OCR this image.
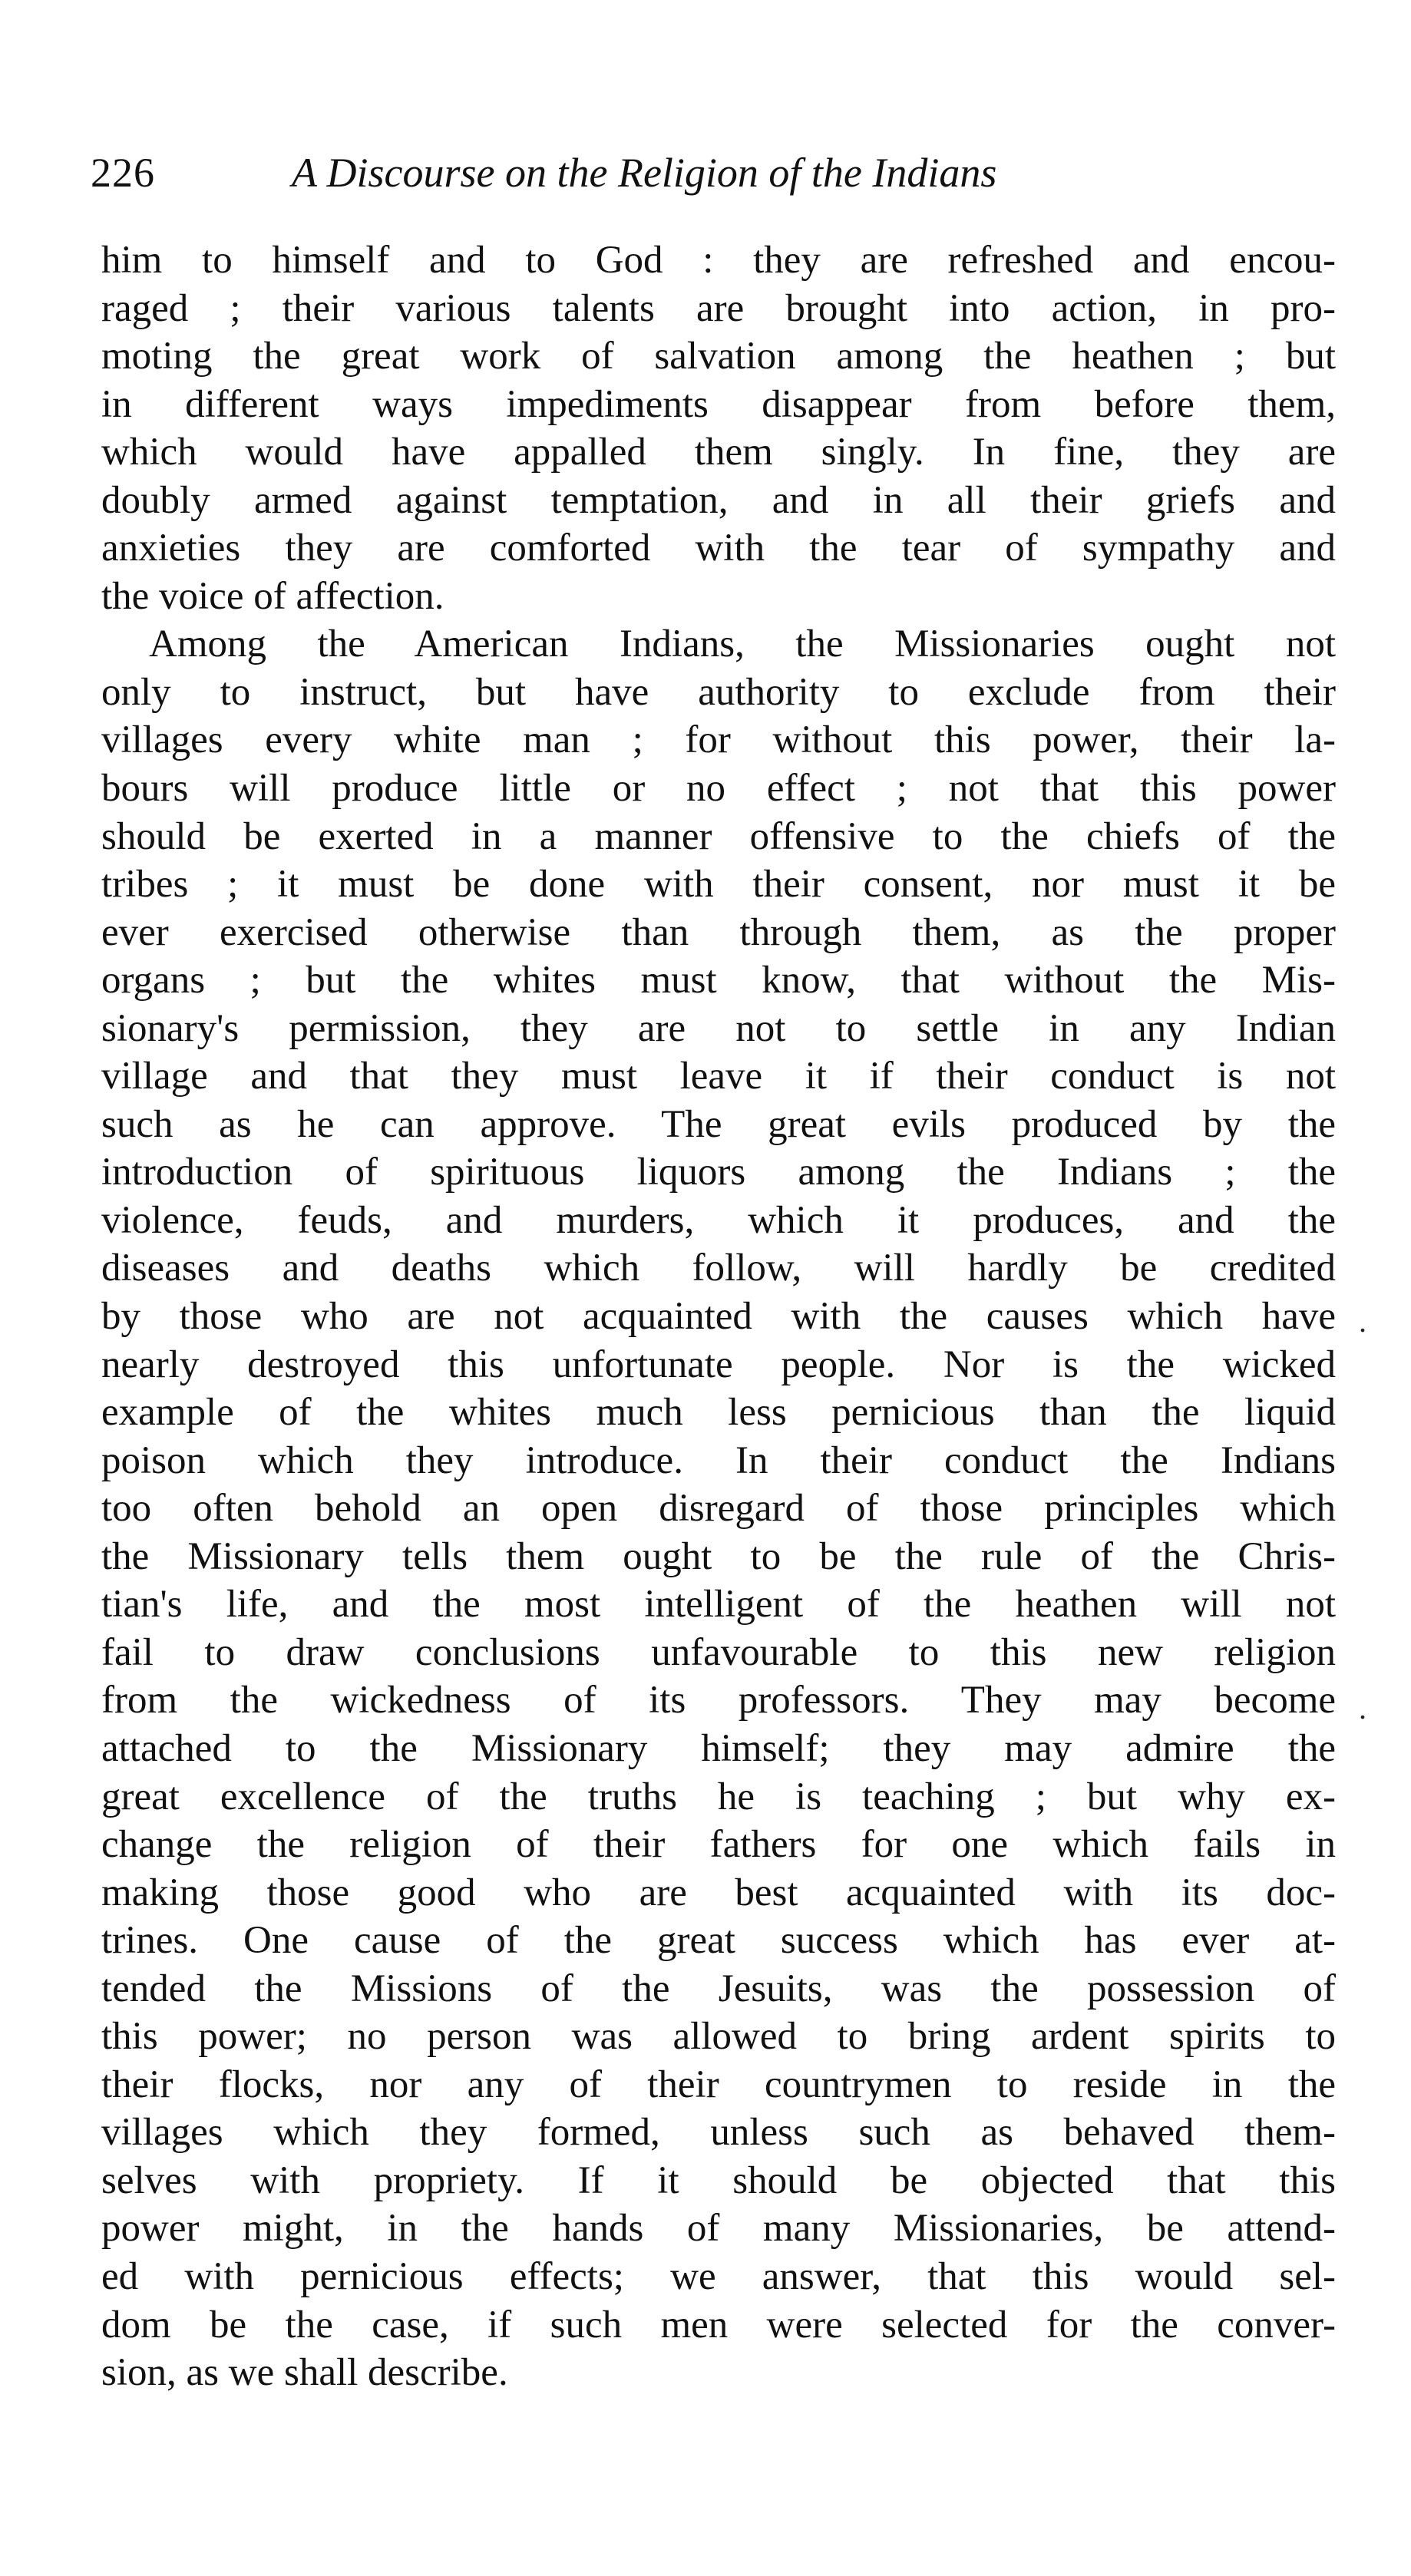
226	A Discourse on the Religion of the Indians
him to himself and to God : they are refreshed and encou-
raged ; their various talents are brought into action, in pro-
moting the great work of salvation among the heathen ; but
in different ways impediments disappear from before them,
which would have appalled them singly. In fine, they are
doubly armed against temptation, and in all their griefs and
anxieties they are comforted with the tear of sympathy and
the voice of affection.
Among the American Indians, the Missionaries ought not
only to instruct, but have authority to exclude from their
villages every white man ; for without this power, their la-
bours will produce little or no effect ; not that this power
should be exerted in a manner offensive to the chiefs of the
tribes ; it must be done with their consent, nor must it be
ever exercised otherwise than through them, as the proper
organs ; but the whites must know, that without the Mis-
sionary's permission, they are not to settle in any Indian
village and that they must leave it if their conduct is not
such as he can approve. The great evils produced by the
introduction of spirituous liquors among the Indians ; the
violence, feuds, and murders, which it produces, and the
diseases and deaths which follow, will hardly be credited
by those who are not acquainted with the causes which have
nearly destroyed this unfortunate people. Nor is the wicked
example of the whites much less pernicious than the liquid
poison which they introduce. In their conduct the Indians
too often behold an open disregard of those principles which
the Missionary tells them ought to be the rule of the Chris-
tian's life, and the most intelligent of the heathen will not
fail to draw conclusions unfavourable to this new religion
from the wickedness of its professors. They may become
attached to the Missionary himself; they may admire the
great excellence of the truths he is teaching ; but why ex-
change the religion of their fathers for one which fails in
making those good who are best acquainted with its doc-
trines. One cause of the great success which has ever at-
tended the Missions of the Jesuits, was the possession of
this power; no person was allowed to bring ardent spirits to
their flocks, nor any of their countrymen to reside in the
villages which they formed, unless such as behaved them-
selves with propriety. If it should be objected that this
power might, in the hands of many Missionaries, be attend-
ed with pernicious effects; we answer, that this would sel-
dom be the case, if such men were selected for the conver-
sion, as we shall describe.
.
.
